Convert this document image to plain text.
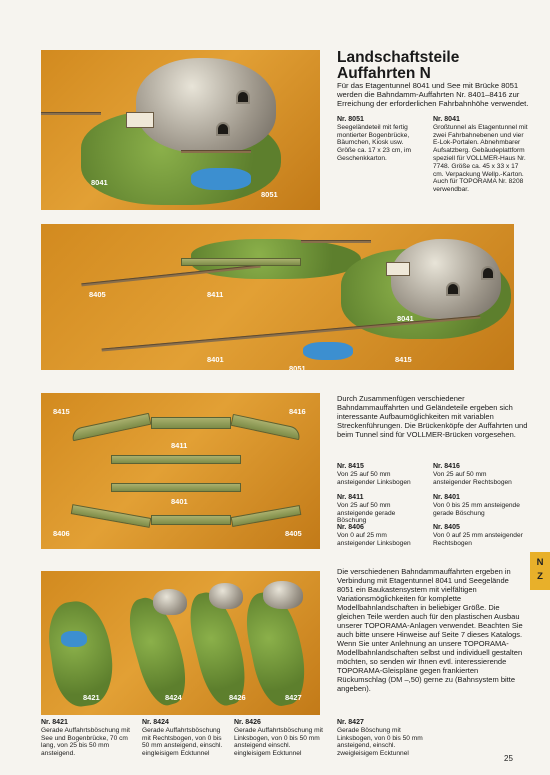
8041
8051
Landschaftsteile
Auffahrten N

Für das Etagentunnel 8041 und See mit Brücke 8051 werden die Bahndamm-Auffahrten Nr. 8401–8416 zur Erreichung der erforderlichen Fahrbahnhöhe verwendet.

Nr. 8051
Seegeländeteil mit fertig montierter Bogenbrücke, Bäumchen, Kiosk usw. Größe ca. 17 x 23 cm, im Geschenkkarton.
Nr. 8041
Großtunnel als Etagentunnel mit zwei Fahrbahnebenen und vier E-Lok-Portalen. Abnehmbarer Aufsatzberg. Gebäudeplattform speziell für VOLLMER-Haus Nr. 7748. Größe ca. 45 x 33 x 17 cm. Verpackung Wellp.-Karton. Auch für TOPORAMA Nr. 8208 verwendbar.
8405	8411
8041
8401	8415
8051
8415	8416
8411
8401
8406	8405

Durch Zusammenfügen verschiedener Bahndammauffahrten und Geländeteile ergeben sich interessante Aufbaumöglichkeiten mit variablen Streckenführungen. Die Brückenköpfe der Auffahrten und beim Tunnel sind für VOLLMER-Brücken vorgesehen.

Nr. 8415
Von 25 auf 50 mm ansteigender Linksbogen
Nr. 8416
Von 25 auf 50 mm ansteigender Rechtsbogen
Nr. 8411
Von 25 auf 50 mm ansteigende gerade Böschung
Nr. 8401
Von 0 bis 25 mm ansteigende gerade Böschung
Nr. 8406
Von 0 auf 25 mm ansteigender Linksbogen
Nr. 8405
Von 0 auf 25 mm ansteigender Rechtsbogen
8421	8424	8426	8427

Die verschiedenen Bahndammauffahrten ergeben in Verbindung mit Etagentunnel 8041 und Seegelände 8051 ein Baukastensystem mit vielfältigen Variationsmöglichkeiten für komplette Modellbahnlandschaften in beliebiger Größe. Die gleichen Teile werden auch für den plastischen Ausbau unserer TOPORAMA-Anlagen verwendet. Beachten Sie auch bitte unsere Hinweise auf Seite 7 dieses Katalogs. Wenn Sie unter Anlehnung an unsere TOPORAMA-Modellbahnlandschaften selbst und individuell gestalten möchten, so senden wir Ihnen evtl. interessierende TOPORAMA-Gleispläne gegen frankierten Rückumschlag (DM –,50) gerne zu (Bahnsystem bitte angeben).

Nr. 8421
Gerade Auffahrtsböschung mit See und Bogenbrücke, 70 cm lang, von 25 bis 50 mm ansteigend.
Nr. 8424
Gerade Auffahrtsböschung mit Rechtsbogen, von 0 bis 50 mm ansteigend, einschl. eingleisigem Ecktunnel
Nr. 8426
Gerade Auffahrtsböschung mit Linksbogen, von 0 bis 50 mm ansteigend einschl. eingleisigem Ecktunnel
Nr. 8427
Gerade Böschung mit Linksbogen, von 0 bis 50 mm ansteigend, einschl. zweigleisigem Ecktunnel
N
Z
25
